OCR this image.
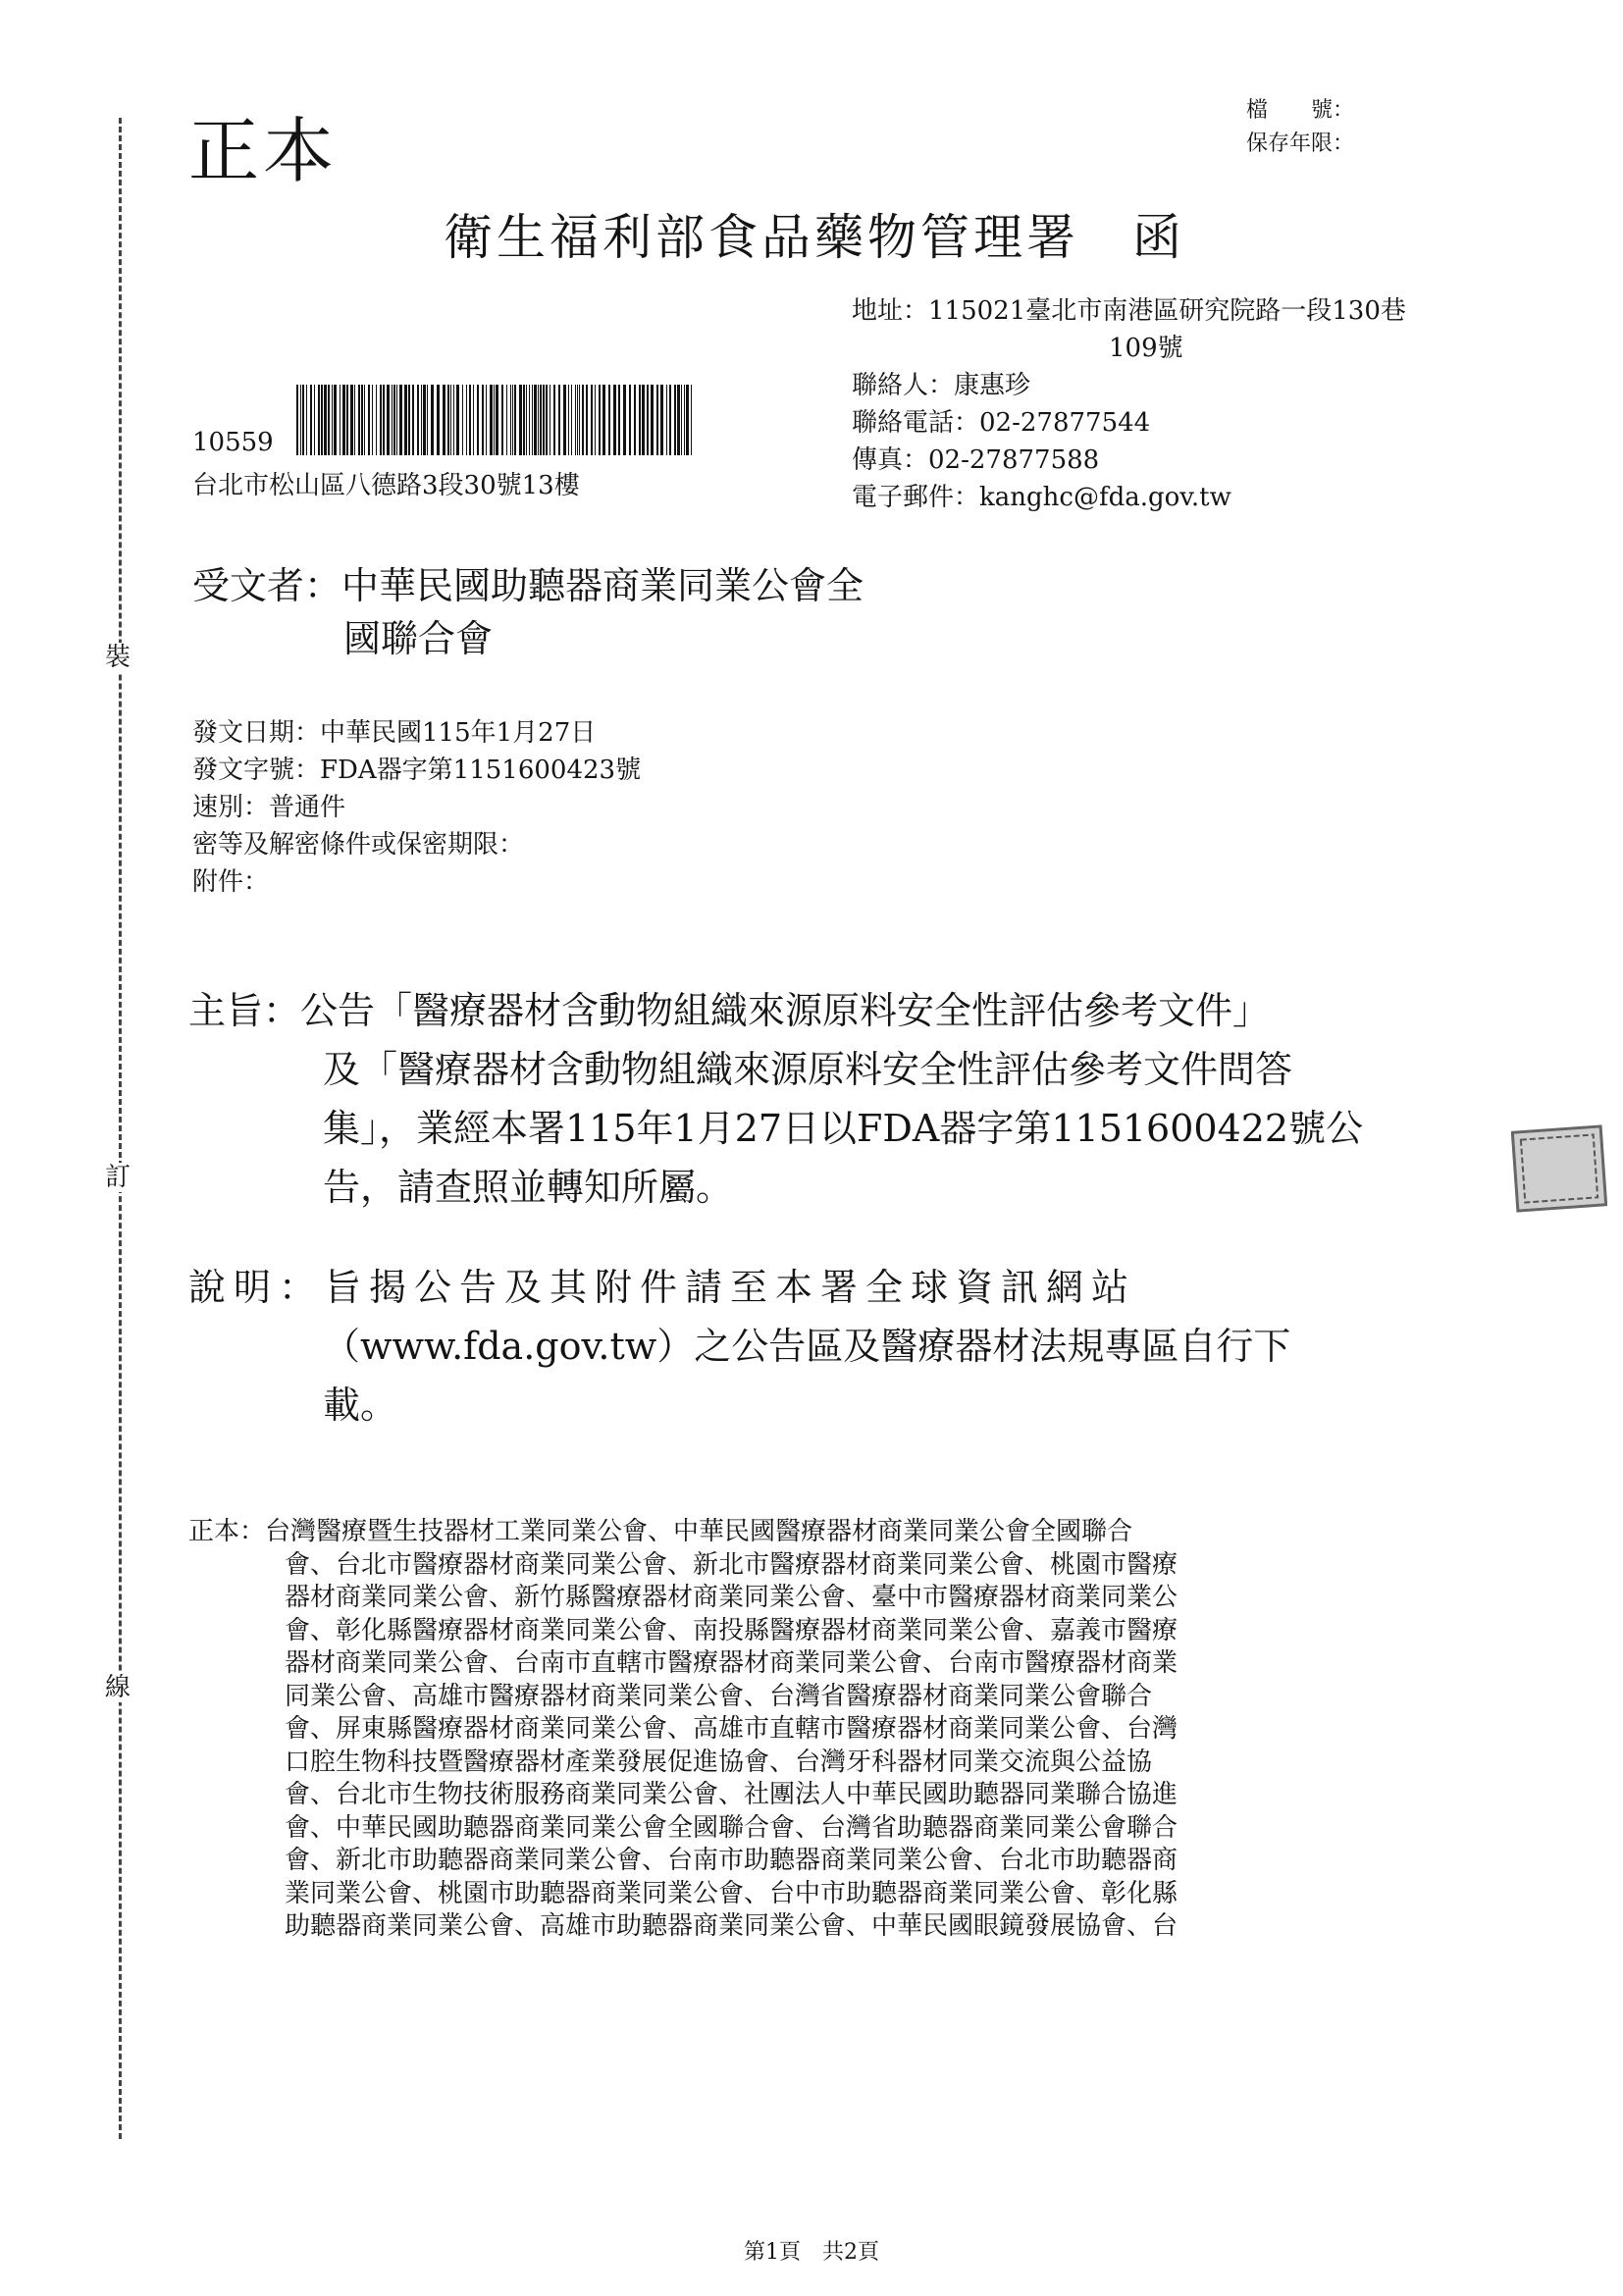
裝
訂
線
正本	檔　　號：
保存年限：
衛生福利部食品藥物管理署　函
地址：115021臺北市南港區研究院路一段130巷
109號
聯絡人：康惠珍
聯絡電話：02-27877544
傳真：02-27877588
電子郵件：kanghc@fda.gov.tw
10559
台北市松山區八德路3段30號13樓
受文者：中華民國助聽器商業同業公會全
國聯合會
發文日期：中華民國115年1月27日
發文字號：FDA器字第1151600423號
速別：普通件
密等及解密條件或保密期限：
附件：
主旨：公告「醫療器材含動物組織來源原料安全性評估參考文件」
及「醫療器材含動物組織來源原料安全性評估參考文件問答
集」，業經本署115年1月27日以FDA器字第1151600422號公
告，請查照並轉知所屬。
說明：旨揭公告及其附件請至本署全球資訊網站
（www.fda.gov.tw）之公告區及醫療器材法規專區自行下
載。
正本：台灣醫療暨生技器材工業同業公會、中華民國醫療器材商業同業公會全國聯合
會、台北市醫療器材商業同業公會、新北市醫療器材商業同業公會、桃園市醫療
器材商業同業公會、新竹縣醫療器材商業同業公會、臺中市醫療器材商業同業公
會、彰化縣醫療器材商業同業公會、南投縣醫療器材商業同業公會、嘉義市醫療
器材商業同業公會、台南市直轄市醫療器材商業同業公會、台南市醫療器材商業
同業公會、高雄市醫療器材商業同業公會、台灣省醫療器材商業同業公會聯合
會、屏東縣醫療器材商業同業公會、高雄市直轄市醫療器材商業同業公會、台灣
口腔生物科技暨醫療器材產業發展促進協會、台灣牙科器材同業交流與公益協
會、台北市生物技術服務商業同業公會、社團法人中華民國助聽器同業聯合協進
會、中華民國助聽器商業同業公會全國聯合會、台灣省助聽器商業同業公會聯合
會、新北市助聽器商業同業公會、台南市助聽器商業同業公會、台北市助聽器商
業同業公會、桃園市助聽器商業同業公會、台中市助聽器商業同業公會、彰化縣
助聽器商業同業公會、高雄市助聽器商業同業公會、中華民國眼鏡發展協會、台
第1頁　共2頁
